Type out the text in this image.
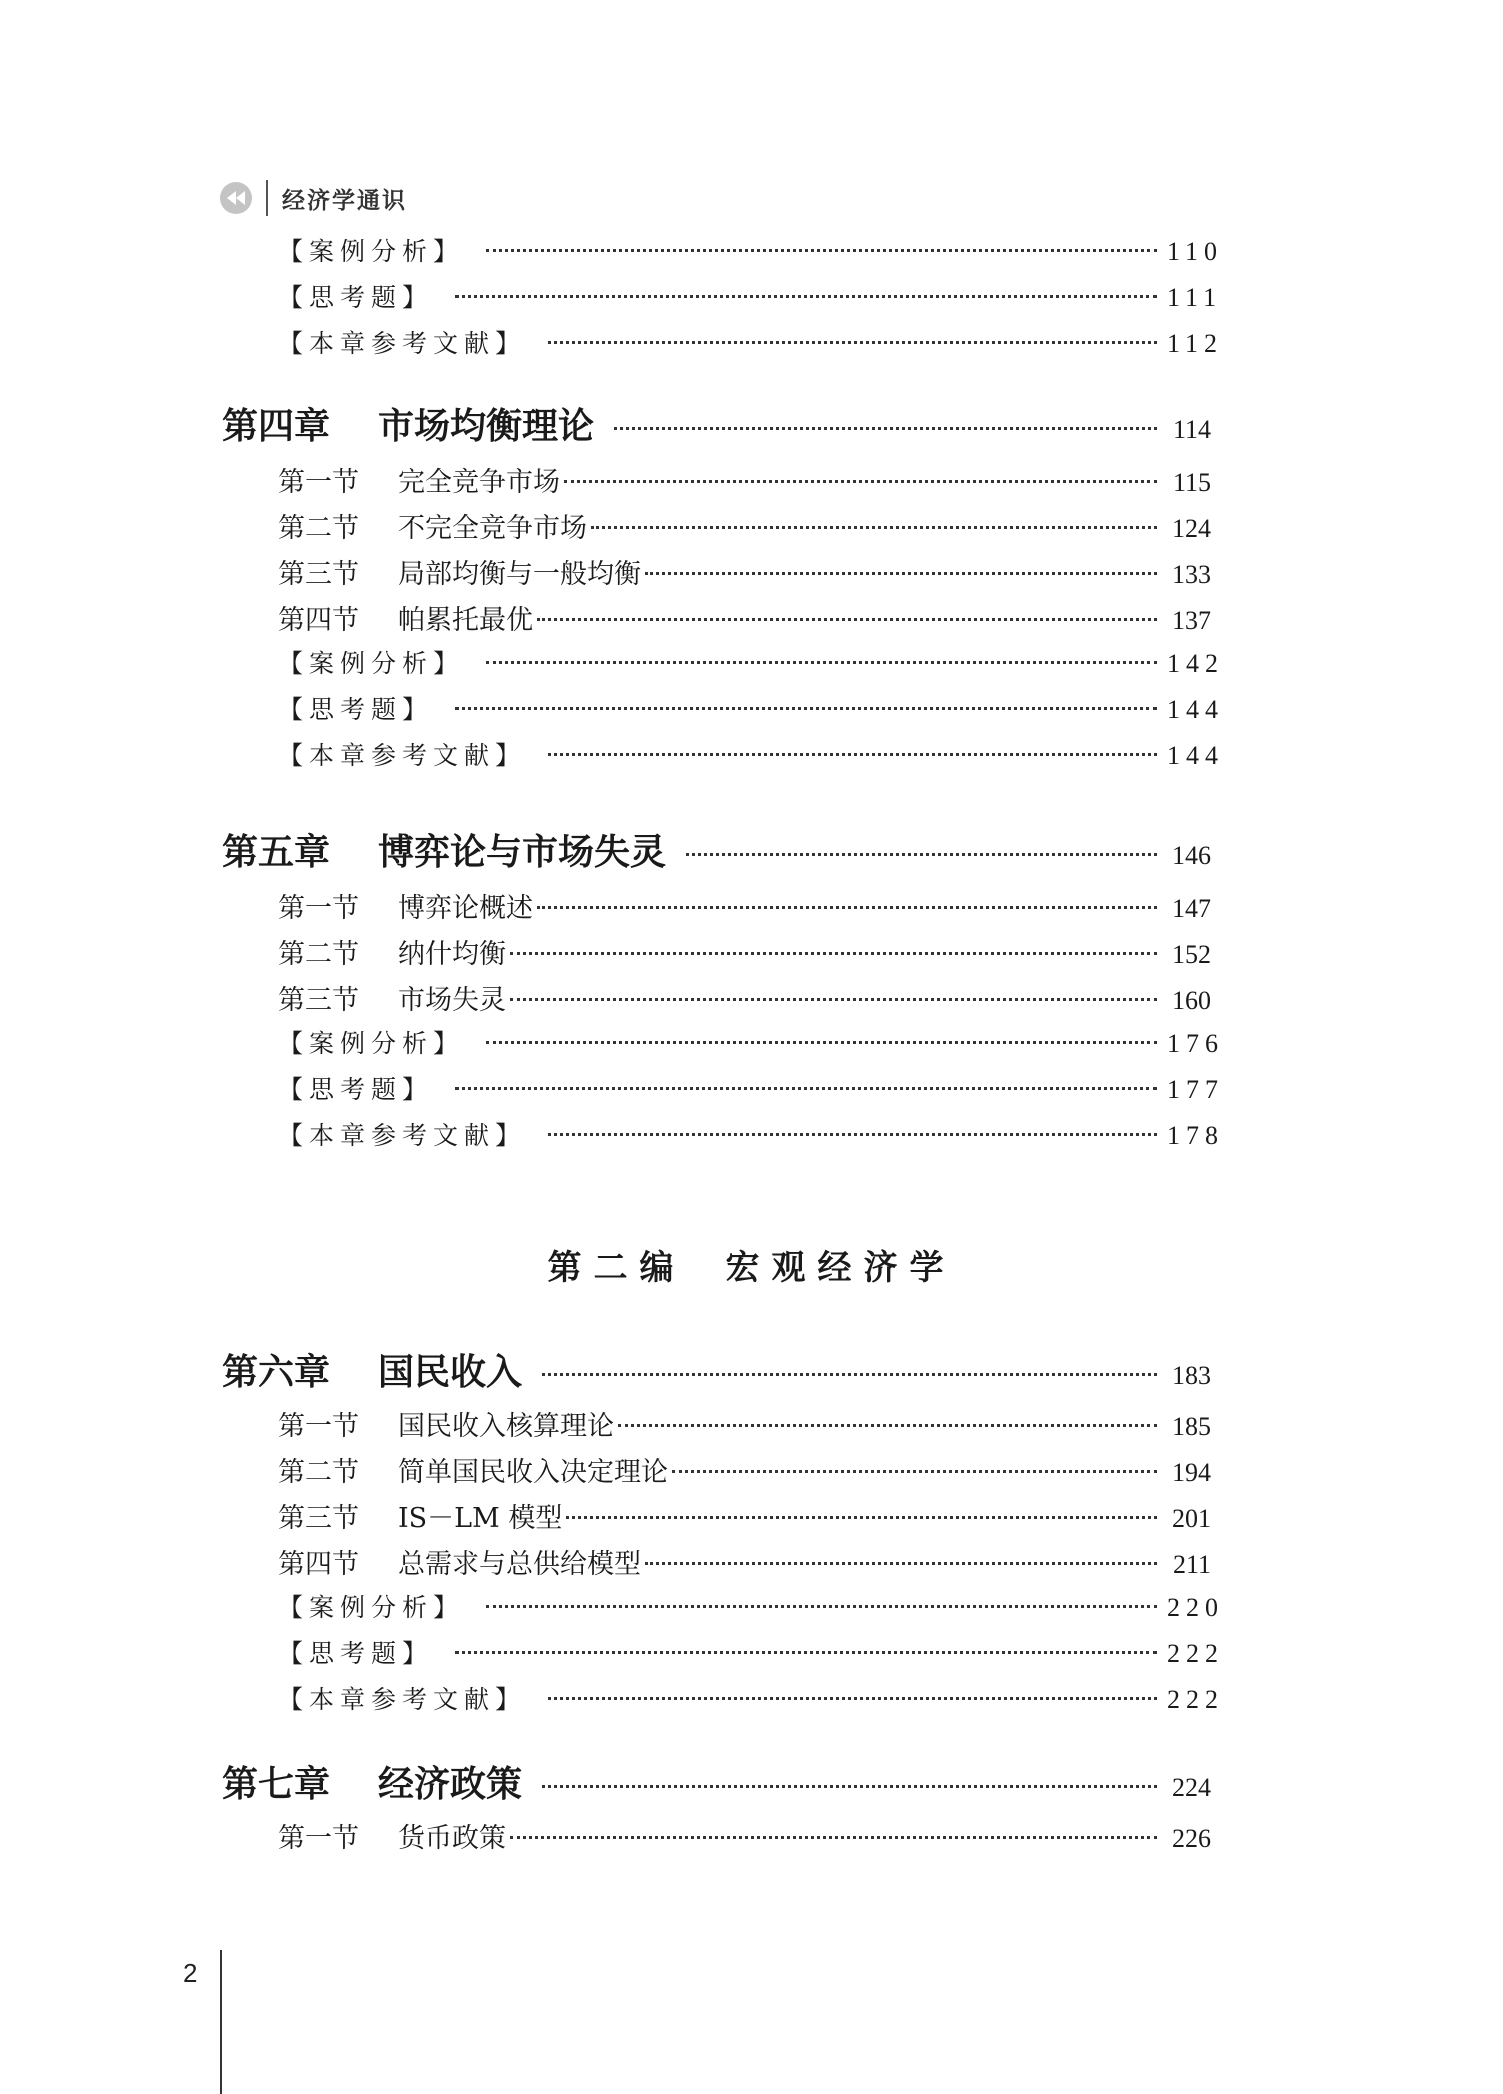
经济学通识
【案例分析】	110
【思考题】	111
【本章参考文献】	112
第四章 市场均衡理论	114
第一节 完全竞争市场	115
第二节 不完全竞争市场	124
第三节 局部均衡与一般均衡	133
第四节 帕累托最优	137
【案例分析】	142
【思考题】	144
【本章参考文献】	144
第五章 博弈论与市场失灵	146
第一节 博弈论概述	147
第二节 纳什均衡	152
第三节 市场失灵	160
【案例分析】	176
【思考题】	177
【本章参考文献】	178
第六章 国民收入	183
第一节 国民收入核算理论	185
第二节 简单国民收入决定理论	194
第三节 IS－LM 模型	201
第四节 总需求与总供给模型	211
【案例分析】	220
【思考题】	222
【本章参考文献】	222
第七章 经济政策	224
第一节 货币政策	226
第二编 宏观经济学
2
